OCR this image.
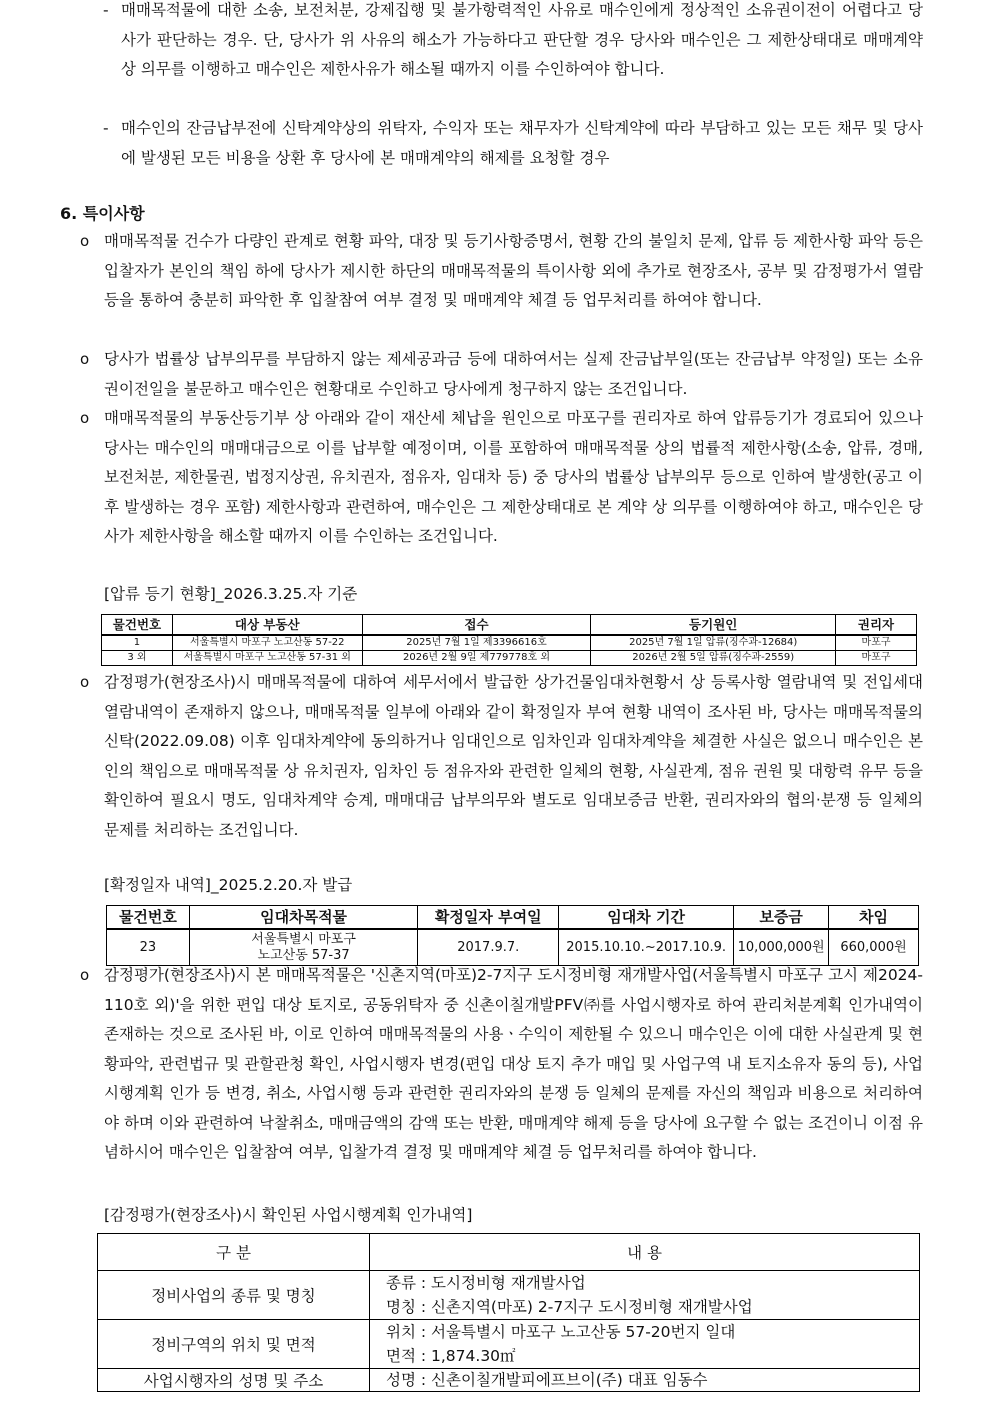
- 매매목적물에 대한 소송, 보전처분, 강제집행 및 불가항력적인 사유로 매수인에게 정상적인 소유권이전이 어렵다고 당사가 판단하는 경우. 단, 당사가 위 사유의 해소가 가능하다고 판단할 경우 당사와 매수인은 그 제한상태대로 매매계약상 의무를 이행하고 매수인은 제한사유가 해소될 때까지 이를 수인하여야 합니다.
- 매수인의 잔금납부전에 신탁계약상의 위탁자, 수익자 또는 채무자가 신탁계약에 따라 부담하고 있는 모든 채무 및 당사에 발생된 모든 비용을 상환 후 당사에 본 매매계약의 해제를 요청할 경우
6. 특이사항
o 매매목적물 건수가 다량인 관계로 현황 파악, 대장 및 등기사항증명서, 현황 간의 불일치 문제, 압류 등 제한사항 파악 등은 입찰자가 본인의 책임 하에 당사가 제시한 하단의 매매목적물의 특이사항 외에 추가로 현장조사, 공부 및 감정평가서 열람 등을 통하여 충분히 파악한 후 입찰참여 여부 결정 및 매매계약 체결 등 업무처리를 하여야 합니다.
o 당사가 법률상 납부의무를 부담하지 않는 제세공과금 등에 대하여서는 실제 잔금납부일(또는 잔금납부 약정일) 또는 소유권이전일을 불문하고 매수인은 현황대로 수인하고 당사에게 청구하지 않는 조건입니다.
o 매매목적물의 부동산등기부 상 아래와 같이 재산세 체납을 원인으로 마포구를 권리자로 하여 압류등기가 경료되어 있으나 당사는 매수인의 매매대금으로 이를 납부할 예정이며, 이를 포함하여 매매목적물 상의 법률적 제한사항(소송, 압류, 경매, 보전처분, 제한물권, 법정지상권, 유치권자, 점유자, 임대차 등) 중 당사의 법률상 납부의무 등으로 인하여 발생한(공고 이후 발생하는 경우 포함) 제한사항과 관련하여, 매수인은 그 제한상태대로 본 계약 상 의무를 이행하여야 하고, 매수인은 당사가 제한사항을 해소할 때까지 이를 수인하는 조건입니다.
[압류 등기 현황]_2026.3.25.자 기준
물건번호	대상 부동산	접수	등기원인	권리자
1	서울특별시 마포구 노고산동 57-22	2025년 7월 1일 제3396616호	2025년 7월 1일 압류(징수과-12684)	마포구
3 외	서울특별시 마포구 노고산동 57-31 외	2026년 2월 9일 제779778호 외	2026년 2월 5일 압류(징수과-2559)	마포구
o 감정평가(현장조사)시 매매목적물에 대하여 세무서에서 발급한 상가건물임대차현황서 상 등록사항 열람내역 및 전입세대 열람내역이 존재하지 않으나, 매매목적물 일부에 아래와 같이 확정일자 부여 현황 내역이 조사된 바, 당사는 매매목적물의 신탁(2022.09.08) 이후 임대차계약에 동의하거나 임대인으로 임차인과 임대차계약을 체결한 사실은 없으니 매수인은 본인의 책임으로 매매목적물 상 유치권자, 임차인 등 점유자와 관련한 일체의 현황, 사실관계, 점유 권원 및 대항력 유무 등을 확인하여 필요시 명도, 임대차계약 승계, 매매대금 납부의무와 별도로 임대보증금 반환, 권리자와의 협의·분쟁 등 일체의 문제를 처리하는 조건입니다.
[확정일자 내역]_2025.2.20.자 발급
물건번호	임대차목적물	확정일자 부여일	임대차 기간	보증금	차임
23	서울특별시 마포구
노고산동 57-37	2017.9.7.	2015.10.10.~2017.10.9.	10,000,000원	660,000원
o 감정평가(현장조사)시 본 매매목적물은 '신촌지역(마포)2-7지구 도시정비형 재개발사업(서울특별시 마포구 고시 제2024-110호 외)'을 위한 편입 대상 토지로, 공동위탁자 중 신촌이칠개발PFV㈜를 사업시행자로 하여 관리처분계획 인가내역이 존재하는 것으로 조사된 바, 이로 인하여 매매목적물의 사용ㆍ수익이 제한될 수 있으니 매수인은 이에 대한 사실관계 및 현황파악, 관련법규 및 관할관청 확인, 사업시행자 변경(편입 대상 토지 추가 매입 및 사업구역 내 토지소유자 동의 등), 사업시행계획 인가 등 변경, 취소, 사업시행 등과 관련한 권리자와의 분쟁 등 일체의 문제를 자신의 책임과 비용으로 처리하여야 하며 이와 관련하여 낙찰취소, 매매금액의 감액 또는 반환, 매매계약 해제 등을 당사에 요구할 수 없는 조건이니 이점 유념하시어 매수인은 입찰참여 여부, 입찰가격 결정 및 매매계약 체결 등 업무처리를 하여야 합니다.
[감정평가(현장조사)시 확인된 사업시행계획 인가내역]
구 분	내 용
정비사업의 종류 및 명칭	종류 : 도시정비형 재개발사업
명칭 : 신촌지역(마포) 2-7지구 도시정비형 재개발사업

정비구역의 위치 및 면적	위치 : 서울특별시 마포구 노고산동 57-20번지 일대
면적 : 1,874.30㎡

사업시행자의 성명 및 주소	성명 : 신촌이칠개발피에프브이(주) 대표 임동수
